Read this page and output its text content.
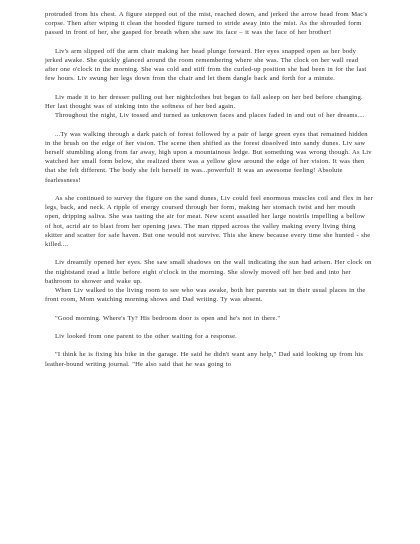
protruded from his chest. A figure stepped out of the mist, reached down, and jerked the arrow head from Mac's corpse. Then after wiping it clean the hooded figure turned to stride away into the mist. As the shrouded form passed in front of her, she gasped for breath when she saw its face – it was the face of her brother!

Liv's arm slipped off the arm chair making her head plunge forward. Her eyes snapped open as her body jerked awake. She quickly glanced around the room remembering where she was. The clock on her wall read after one o'clock in the morning. She was cold and stiff from the curled-up position she had been in for the last few hours. Liv swung her legs down from the chair and let them dangle back and forth for a minute.

Liv made it to her dresser pulling out her nightclothes but began to fall asleep on her bed before changing. Her last thought was of sinking into the softness of her bed again.

Throughout the night, Liv tossed and turned as unknown faces and places faded in and out of her dreams....

...Ty was walking through a dark patch of forest followed by a pair of large green eyes that remained hidden in the brush on the edge of her vision. The scene then shifted as the forest dissolved into sandy dunes. Liv saw herself stumbling along from far away, high upon a mountainous ledge. But something was wrong though. As Liv watched her small form below, she realized there was a yellow glow around the edge of her vision. It was then that she felt different. The body she felt herself in was...powerful! It was an awesome feeling! Absolute fearlessness!

As she continued to survey the figure on the sand dunes, Liv could feel enormous muscles coil and flex in her legs, back, and neck. A ripple of energy coursed through her form, making her stomach twist and her mouth open, dripping saliva. She was tasting the air for meat. New scent assailed her large nostrils impelling a bellow of hot, acrid air to blast from her opening jaws. The man ripped across the valley making every living thing skitter and scatter for safe haven. But one would not survive. This she knew because every time she hunted - she killed....

Liv dreamily opened her eyes. She saw small shadows on the wall indicating the sun had arisen. Her clock on the nightstand read a little before eight o'clock in the morning. She slowly moved off her bed and into her bathroom to shower and wake up.

When Liv walked to the living room to see who was awake, both her parents sat in their usual places in the front room, Mom watching morning shows and Dad writing. Ty was absent.

"Good morning. Where's Ty? His bedroom door is open and he's not in there."

Liv looked from one parent to the other waiting for a response.

"I think he is fixing his bike in the garage. He said he didn't want any help," Dad said looking up from his leather-bound writing journal. "He also said that he was going to
